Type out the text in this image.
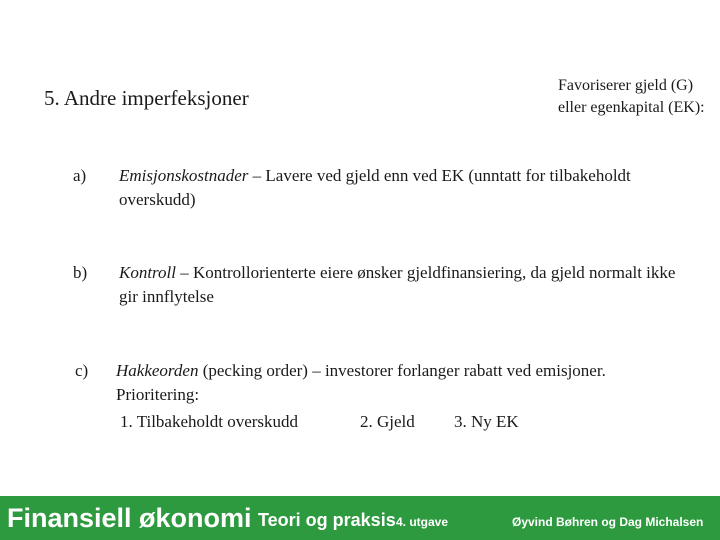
5. Andre imperfeksjoner
Favoriserer gjeld (G) eller egenkapital (EK):
a) Emisjonskostnader – Lavere ved gjeld enn ved EK (unntatt for tilbakeholdt overskudd)
b) Kontroll – Kontrollorienterte eiere ønsker gjeldfinansiering, da gjeld normalt ikke gir innflytelse
c) Hakkeorden (pecking order) – investorer forlanger rabatt ved emisjoner. Prioritering:
1. Tilbakeholdt overskudd	2. Gjeld	3. Ny EK
Finansiell økonomi Teori og praksis 4. utgave	Øyvind Bøhren og Dag Michalsen
